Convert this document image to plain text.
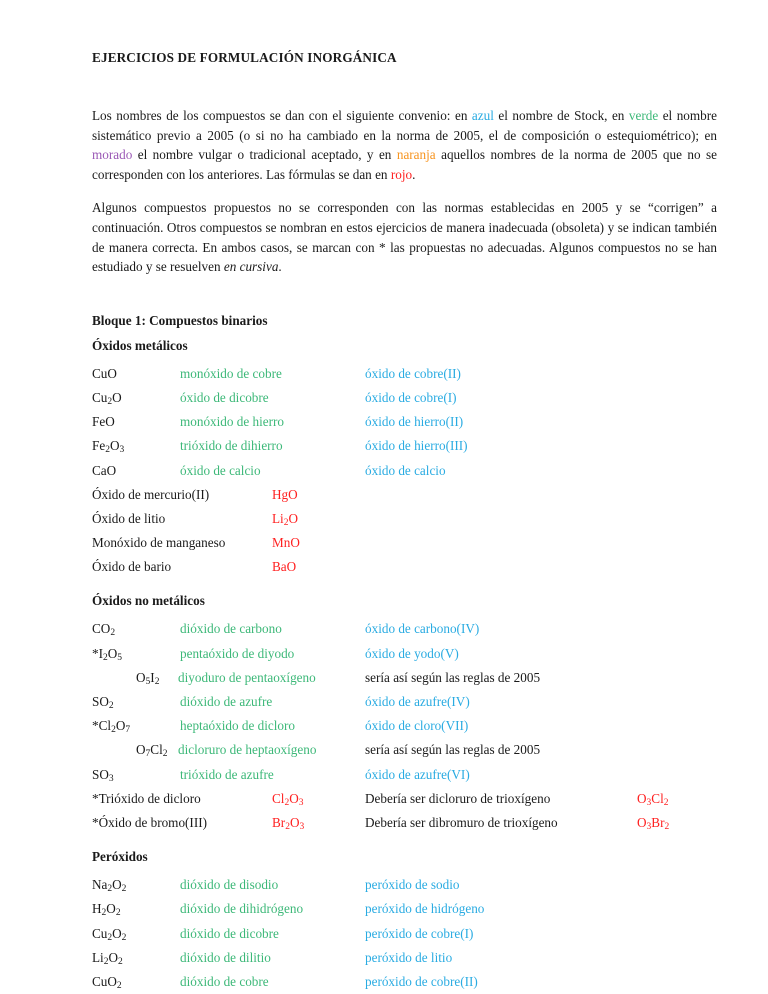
EJERCICIOS DE FORMULACIÓN INORGÁNICA

Los nombres de los compuestos se dan con el siguiente convenio: en azul el nombre de Stock, en verde el nombre sistemático previo a 2005 (o si no ha cambiado en la norma de 2005, el de composición o estequiométrico); en morado el nombre vulgar o tradicional aceptado, y en naranja aquellos nombres de la norma de 2005 que no se corresponden con los anteriores. Las fórmulas se dan en rojo.

Algunos compuestos propuestos no se corresponden con las normas establecidas en 2005 y se “corrigen” a continuación. Otros compuestos se nombran en estos ejercicios de manera inadecuada (obsoleta) y se indican también de manera correcta. En ambos casos, se marcan con * las propuestas no adecuadas. Algunos compuestos no se han estudiado y se resuelven en cursiva.

Bloque 1: Compuestos binarios
Óxidos metálicos
CuO	monóxido de cobre	óxido de cobre(II)
$Cu_2O$	óxido de dicobre	óxido de cobre(I)
FeO	monóxido de hierro	óxido de hierro(II)
$Fe_2O_3$	trióxido de dihierro	óxido de hierro(III)
CaO	óxido de calcio	óxido de calcio
Óxido de mercurio(II)	HgO
Óxido de litio	$Li_2O$
Monóxido de manganeso	MnO
Óxido de bario	BaO
Óxidos no metálicos
$CO_2$	dióxido de carbono	óxido de carbono(IV)
$*I_2O_5$	pentaóxido de diyodo	óxido de yodo(V)
$O_5I_2$ diyoduro de pentaoxígeno	sería así según las reglas de 2005
$SO_2$	dióxido de azufre	óxido de azufre(IV)
$*Cl_2O_7$	heptaóxido de dicloro	óxido de cloro(VII)
$O_7Cl_2$ dicloruro de heptaoxígeno	sería así según las reglas de 2005
$SO_3$	trióxido de azufre	óxido de azufre(VI)
*Trióxido de dicloro	$Cl_2O_3$	Debería ser dicloruro de trioxígeno	$O_3Cl_2$
*Óxido de bromo(III)	$Br_2O_3$	Debería ser dibromuro de trioxígeno	$O_3Br_2$
Peróxidos
$Na_2O_2$	dióxido de disodio	peróxido de sodio
$H_2O_2$	dióxido de dihidrógeno	peróxido de hidrógeno
$Cu_2O_2$	dióxido de dicobre	peróxido de cobre(I)
$Li_2O_2$	dióxido de dilitio	peróxido de litio
CuO$_2$	dióxido de cobre	peróxido de cobre(II)
